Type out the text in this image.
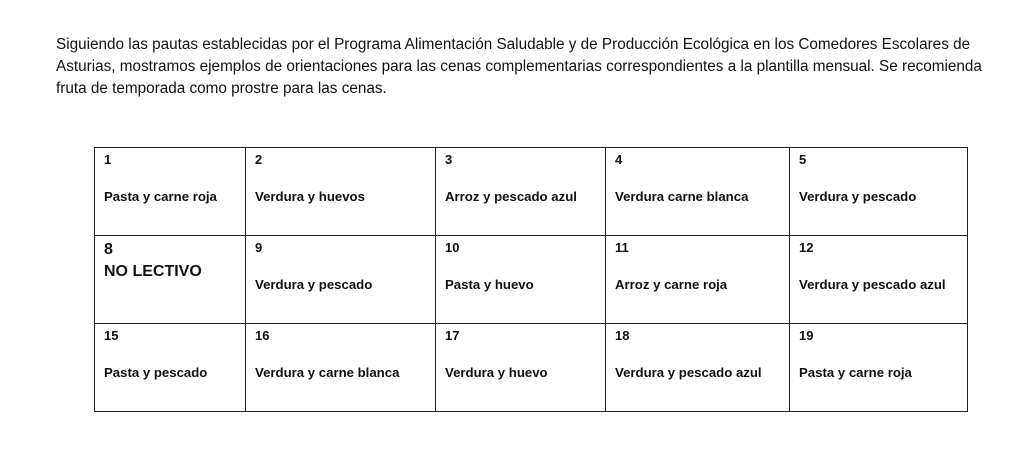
Siguiendo las pautas establecidas por el Programa Alimentación Saludable y de Producción Ecológica en los Comedores Escolares de Asturias, mostramos ejemplos de orientaciones para las cenas complementarias correspondientes a la plantilla mensual. Se recomienda fruta de temporada como prostre para las cenas.

1
Pasta y carne roja	2
Verdura y huevos	3
Arroz y pescado azul	4
Verdura carne blanca	5
Verdura y pescado

8
NO LECTIVO	9
Verdura y pescado	10
Pasta y huevo	11
Arroz y carne roja	12
Verdura y pescado azul

15
Pasta y pescado	16
Verdura y carne blanca	17
Verdura y huevo	18
Verdura y pescado azul	19
Pasta y carne roja
